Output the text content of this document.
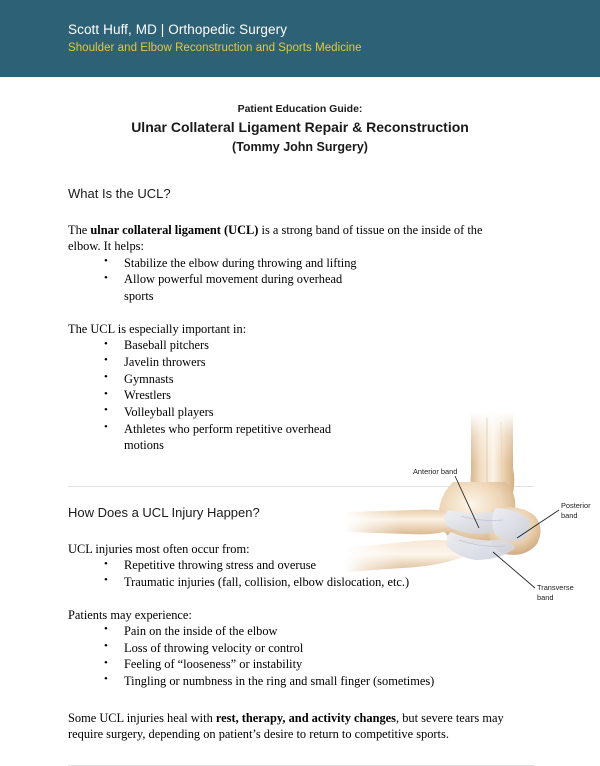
Scott Huff, MD | Orthopedic Surgery
Shoulder and Elbow Reconstruction and Sports Medicine
Patient Education Guide:
Ulnar Collateral Ligament Repair & Reconstruction
(Tommy John Surgery)
Anterior band
Posterior
band
Transverse
band
What Is the UCL?

The ulnar collateral ligament (UCL) is a strong band of tissue on the inside of the elbow. It helps:

• Stabilize the elbow during throwing and lifting
• Allow powerful movement during overhead sports

The UCL is especially important in:

• Baseball pitchers
• Javelin throwers
• Gymnasts
• Wrestlers
• Volleyball players
• Athletes who perform repetitive overhead motions
How Does a UCL Injury Happen?

UCL injuries most often occur from:

• Repetitive throwing stress and overuse
• Traumatic injuries (fall, collision, elbow dislocation, etc.)

Patients may experience:

• Pain on the inside of the elbow
• Loss of throwing velocity or control
• Feeling of “looseness” or instability
• Tingling or numbness in the ring and small finger (sometimes)

Some UCL injuries heal with rest, therapy, and activity changes, but severe tears may require surgery, depending on patient’s desire to return to competitive sports.
